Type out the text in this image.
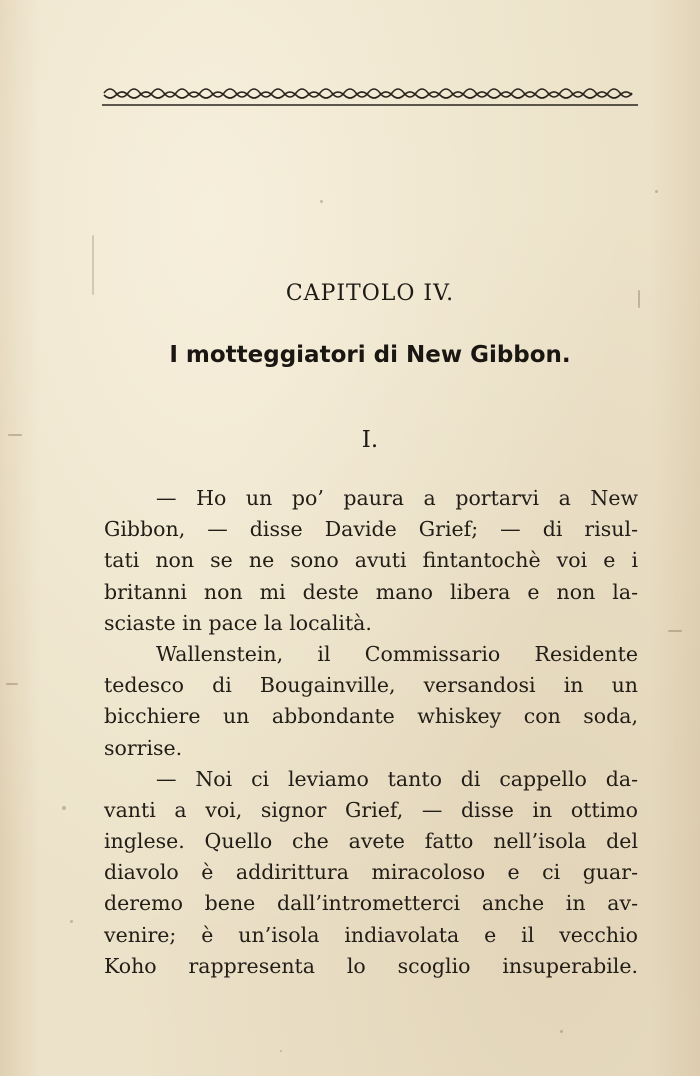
CAPITOLO IV.
I motteggiatori di New Gibbon.
I.
— Ho un po’ paura a portarvi a New
Gibbon, — disse Davide Grief; — di risul-
tati non se ne sono avuti fintantochè voi e i
britanni non mi deste mano libera e non la-
sciaste in pace la località.
Wallenstein, il Commissario Residente
tedesco di Bougainville, versandosi in un
bicchiere un abbondante whiskey con soda,
sorrise.
— Noi ci leviamo tanto di cappello da-
vanti a voi, signor Grief, — disse in ottimo
inglese. Quello che avete fatto nell’isola del
diavolo è addirittura miracoloso e ci guar-
deremo bene dall’intrometterci anche in av-
venire; è un’isola indiavolata e il vecchio
Koho rappresenta lo scoglio insuperabile.
